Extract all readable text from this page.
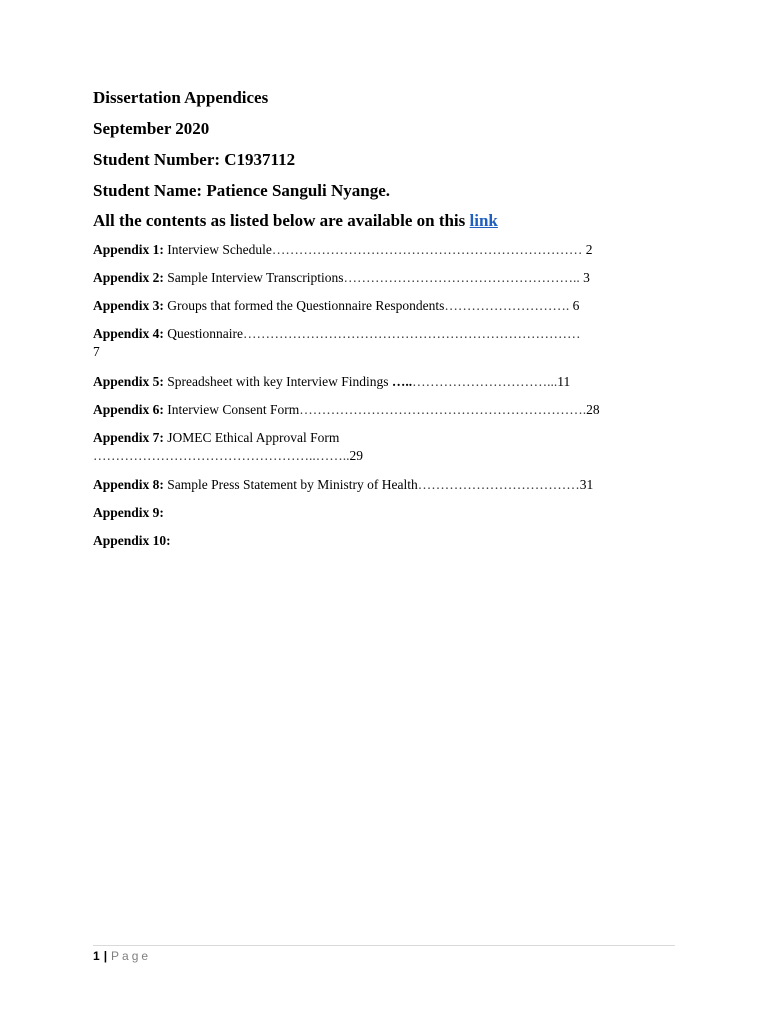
Dissertation Appendices
September 2020
Student Number: C1937112
Student Name: Patience Sanguli Nyange.
All the contents as listed below are available on this link
Appendix 1: Interview Schedule…………………………………………………………… 2
Appendix 2: Sample Interview Transcriptions…………………………………………….. 3
Appendix 3: Groups that formed the Questionnaire Respondents………………………. 6
Appendix 4: Questionnaire…………………………………………………………………
7
Appendix 5: Spreadsheet with key Interview Findings …..…………………………...11
Appendix 6: Interview Consent Form……………………………………………………….28
Appendix 7: JOMEC Ethical Approval Form
…………………………………………..……..29
Appendix 8: Sample Press Statement by Ministry of Health………………………………31
Appendix 9:
Appendix 10:
1 | Page
